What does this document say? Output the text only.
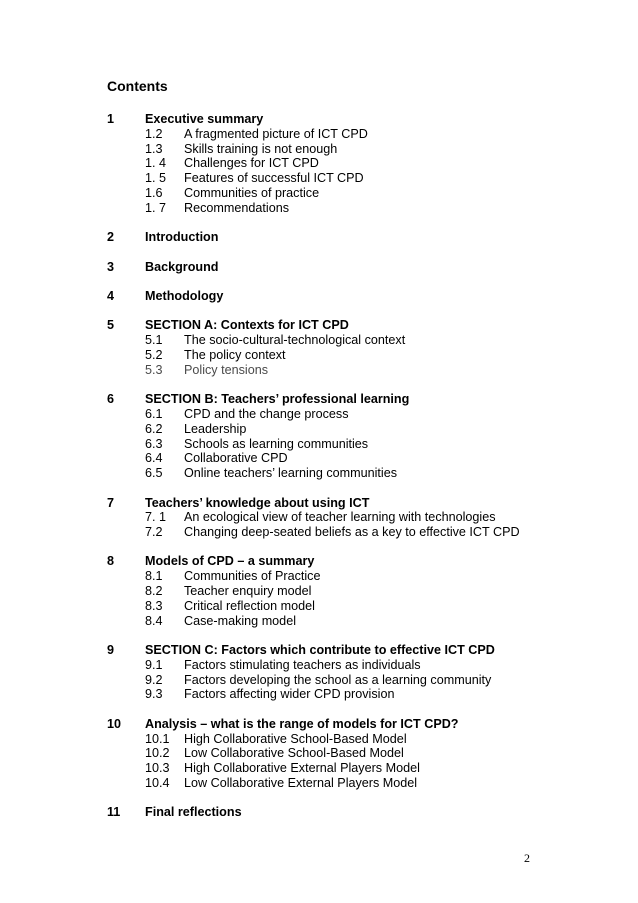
Contents
1	Executive summary
1.2	A fragmented picture of ICT CPD
1.3	Skills training is not enough
1. 4	Challenges for ICT CPD
1. 5	Features of successful ICT CPD
1.6	Communities of practice
1. 7	Recommendations
2	Introduction
3	Background
4	Methodology
5	SECTION A: Contexts for ICT CPD
5.1	The socio-cultural-technological context
5.2	The policy context
5.3	Policy tensions
6	SECTION B: Teachers’ professional learning
6.1	CPD and the change process
6.2	Leadership
6.3	Schools as learning communities
6.4	Collaborative CPD
6.5	Online teachers’ learning communities
7	Teachers’ knowledge about using ICT
7. 1	An ecological view of teacher learning with technologies
7.2	Changing deep-seated beliefs as a key to effective ICT CPD
8	Models of CPD – a summary
8.1	Communities of Practice
8.2	Teacher enquiry model
8.3	Critical reflection model
8.4	Case-making model
9	SECTION C: Factors which contribute to effective ICT CPD
9.1	Factors stimulating teachers as individuals
9.2	Factors developing the school as a learning community
9.3	Factors affecting wider CPD provision
10	Analysis – what is the range of models for ICT CPD?
10.1	High Collaborative School-Based Model
10.2	Low Collaborative School-Based Model
10.3	High Collaborative External Players Model
10.4	Low Collaborative External Players Model
11	Final reflections
2
